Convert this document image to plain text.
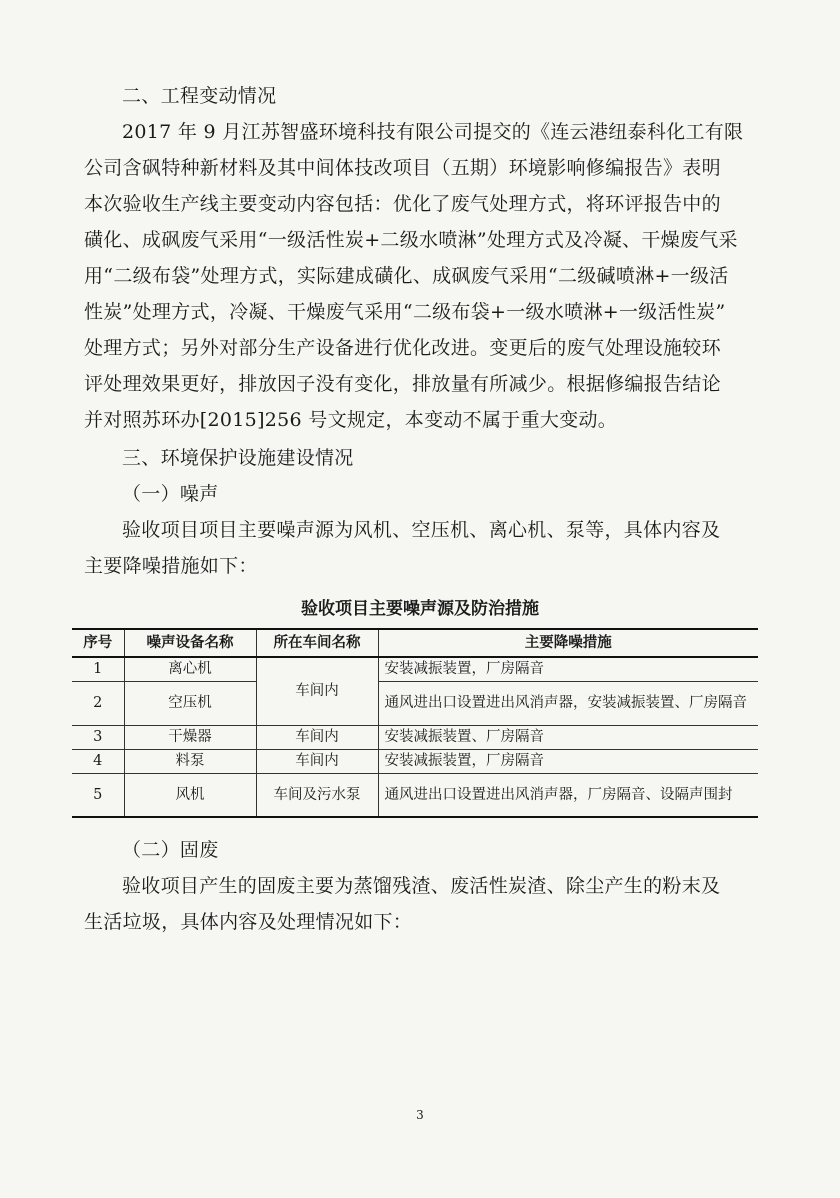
二、工程变动情况
2017 年 9 月江苏智盛环境科技有限公司提交的《连云港纽泰科化工有限
公司含砜特种新材料及其中间体技改项目（五期）环境影响修编报告》表明
本次验收生产线主要变动内容包括：优化了废气处理方式，将环评报告中的
磺化、成砜废气采用“一级活性炭+二级水喷淋”处理方式及冷凝、干燥废气采
用“二级布袋”处理方式，实际建成磺化、成砜废气采用“二级碱喷淋+一级活
性炭”处理方式，冷凝、干燥废气采用“二级布袋+一级水喷淋+一级活性炭”
处理方式；另外对部分生产设备进行优化改进。变更后的废气处理设施较环
评处理效果更好，排放因子没有变化，排放量有所减少。根据修编报告结论
并对照苏环办[2015]256 号文规定，本变动不属于重大变动。
三、环境保护设施建设情况
（一）噪声
验收项目项目主要噪声源为风机、空压机、离心机、泵等，具体内容及
主要降噪措施如下：
验收项目主要噪声源及防治措施
序号	噪声设备名称	所在车间名称	主要降噪措施
1	离心机	车间内	安装减振装置，厂房隔音
2	空压机		通风进出口设置进出风消声器，安装减振装置、厂房隔音
3	干燥器	车间内	安装减振装置、厂房隔音
4	料泵	车间内	安装减振装置，厂房隔音
5	风机	车间及污水泵	通风进出口设置进出风消声器，厂房隔音、设隔声围封
（二）固废
验收项目产生的固废主要为蒸馏残渣、废活性炭渣、除尘产生的粉末及
生活垃圾，具体内容及处理情况如下：
3
